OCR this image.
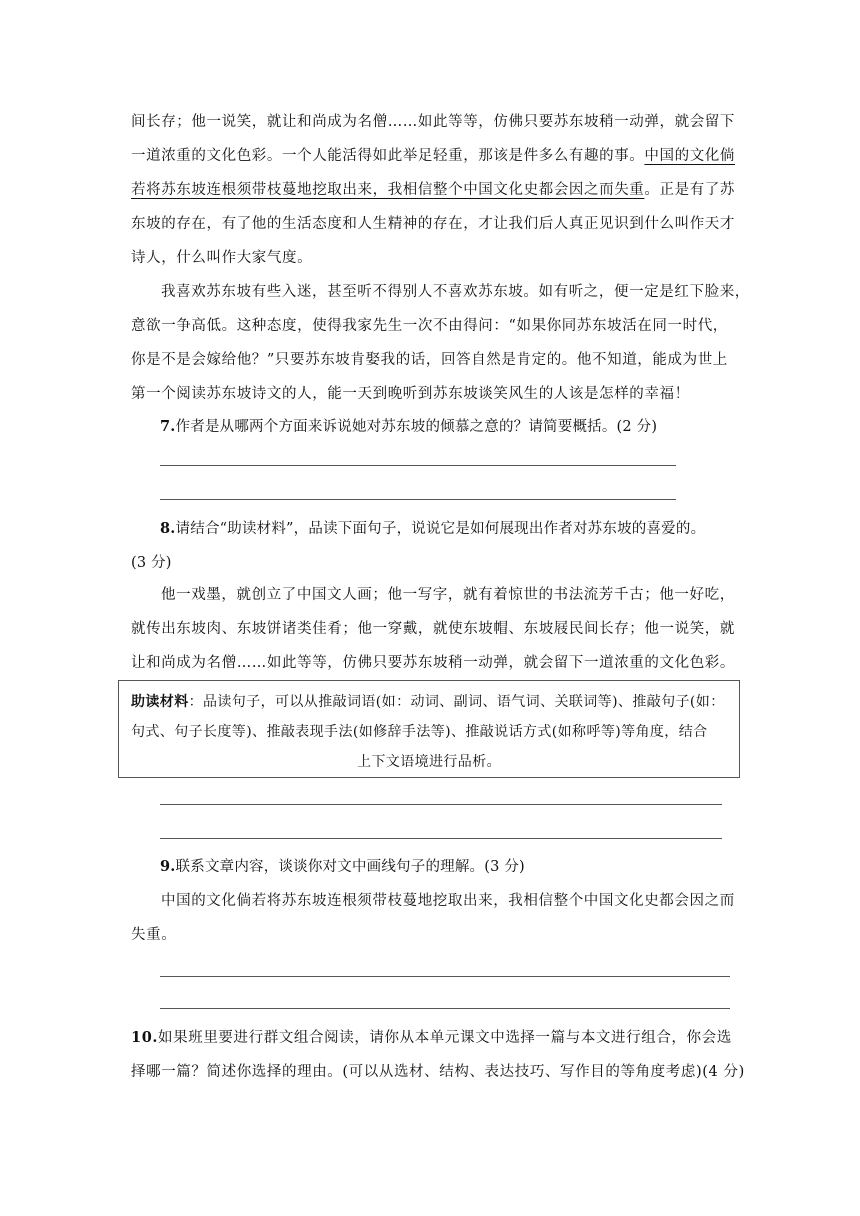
间长存；他一说笑，就让和尚成为名僧……如此等等，仿佛只要苏东坡稍一动弹，就会留下
一道浓重的文化色彩。一个人能活得如此举足轻重，那该是件多么有趣的事。中国的文化倘
若将苏东坡连根须带枝蔓地挖取出来，我相信整个中国文化史都会因之而失重。正是有了苏
东坡的存在，有了他的生活态度和人生精神的存在，才让我们后人真正见识到什么叫作天才
诗人，什么叫作大家气度。
我喜欢苏东坡有些入迷，甚至听不得别人不喜欢苏东坡。如有听之，便一定是红下脸来，
意欲一争高低。这种态度，使得我家先生一次不由得问：“如果你同苏东坡活在同一时代，
你是不是会嫁给他？”只要苏东坡肯娶我的话，回答自然是肯定的。他不知道，能成为世上
第一个阅读苏东坡诗文的人，能一天到晚听到苏东坡谈笑风生的人该是怎样的幸福！
7.作者是从哪两个方面来诉说她对苏东坡的倾慕之意的？请简要概括。(2 分)
8.请结合“助读材料”，品读下面句子，说说它是如何展现出作者对苏东坡的喜爱的。
(3 分)
他一戏墨，就创立了中国文人画；他一写字，就有着惊世的书法流芳千古；他一好吃，
就传出东坡肉、东坡饼诸类佳肴；他一穿戴，就使东坡帽、东坡屐民间长存；他一说笑，就
让和尚成为名僧……如此等等，仿佛只要苏东坡稍一动弹，就会留下一道浓重的文化色彩。
助读材料：品读句子，可以从推敲词语(如：动词、副词、语气词、关联词等)、推敲句子(如：
句式、句子长度等)、推敲表现手法(如修辞手法等)、推敲说话方式(如称呼等)等角度，结合
上下文语境进行品析。
9.联系文章内容，谈谈你对文中画线句子的理解。(3 分)
中国的文化倘若将苏东坡连根须带枝蔓地挖取出来，我相信整个中国文化史都会因之而
失重。
10.如果班里要进行群文组合阅读，请你从本单元课文中选择一篇与本文进行组合，你会选
择哪一篇？简述你选择的理由。(可以从选材、结构、表达技巧、写作目的等角度考虑)(4 分)
